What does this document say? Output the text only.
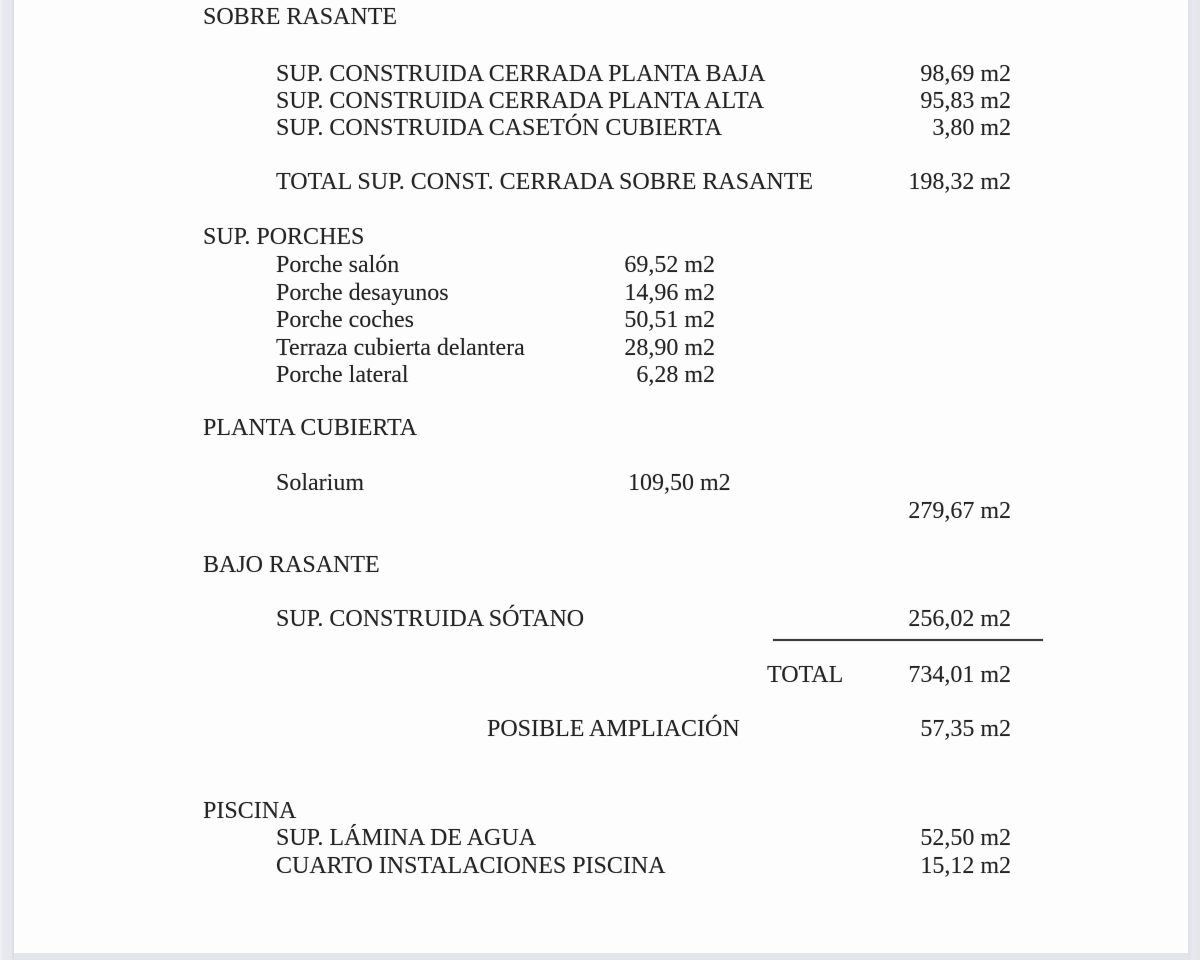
SOBRE RASANTE
SUP. CONSTRUIDA CERRADA PLANTA BAJA	98,69 m2
SUP. CONSTRUIDA CERRADA PLANTA ALTA	95,83 m2
SUP. CONSTRUIDA CASETÓN CUBIERTA	3,80 m2
TOTAL SUP. CONST. CERRADA SOBRE RASANTE	198,32 m2
SUP. PORCHES
Porche salón	69,52 m2
Porche desayunos	14,96 m2
Porche coches	50,51 m2
Terraza cubierta delantera	28,90 m2
Porche lateral	6,28 m2
PLANTA CUBIERTA
Solarium	109,50 m2
279,67 m2
BAJO RASANTE
SUP. CONSTRUIDA SÓTANO	256,02 m2
TOTAL	734,01 m2
POSIBLE AMPLIACIÓN	57,35 m2
PISCINA
SUP. LÁMINA DE AGUA	52,50 m2
CUARTO INSTALACIONES PISCINA	15,12 m2
